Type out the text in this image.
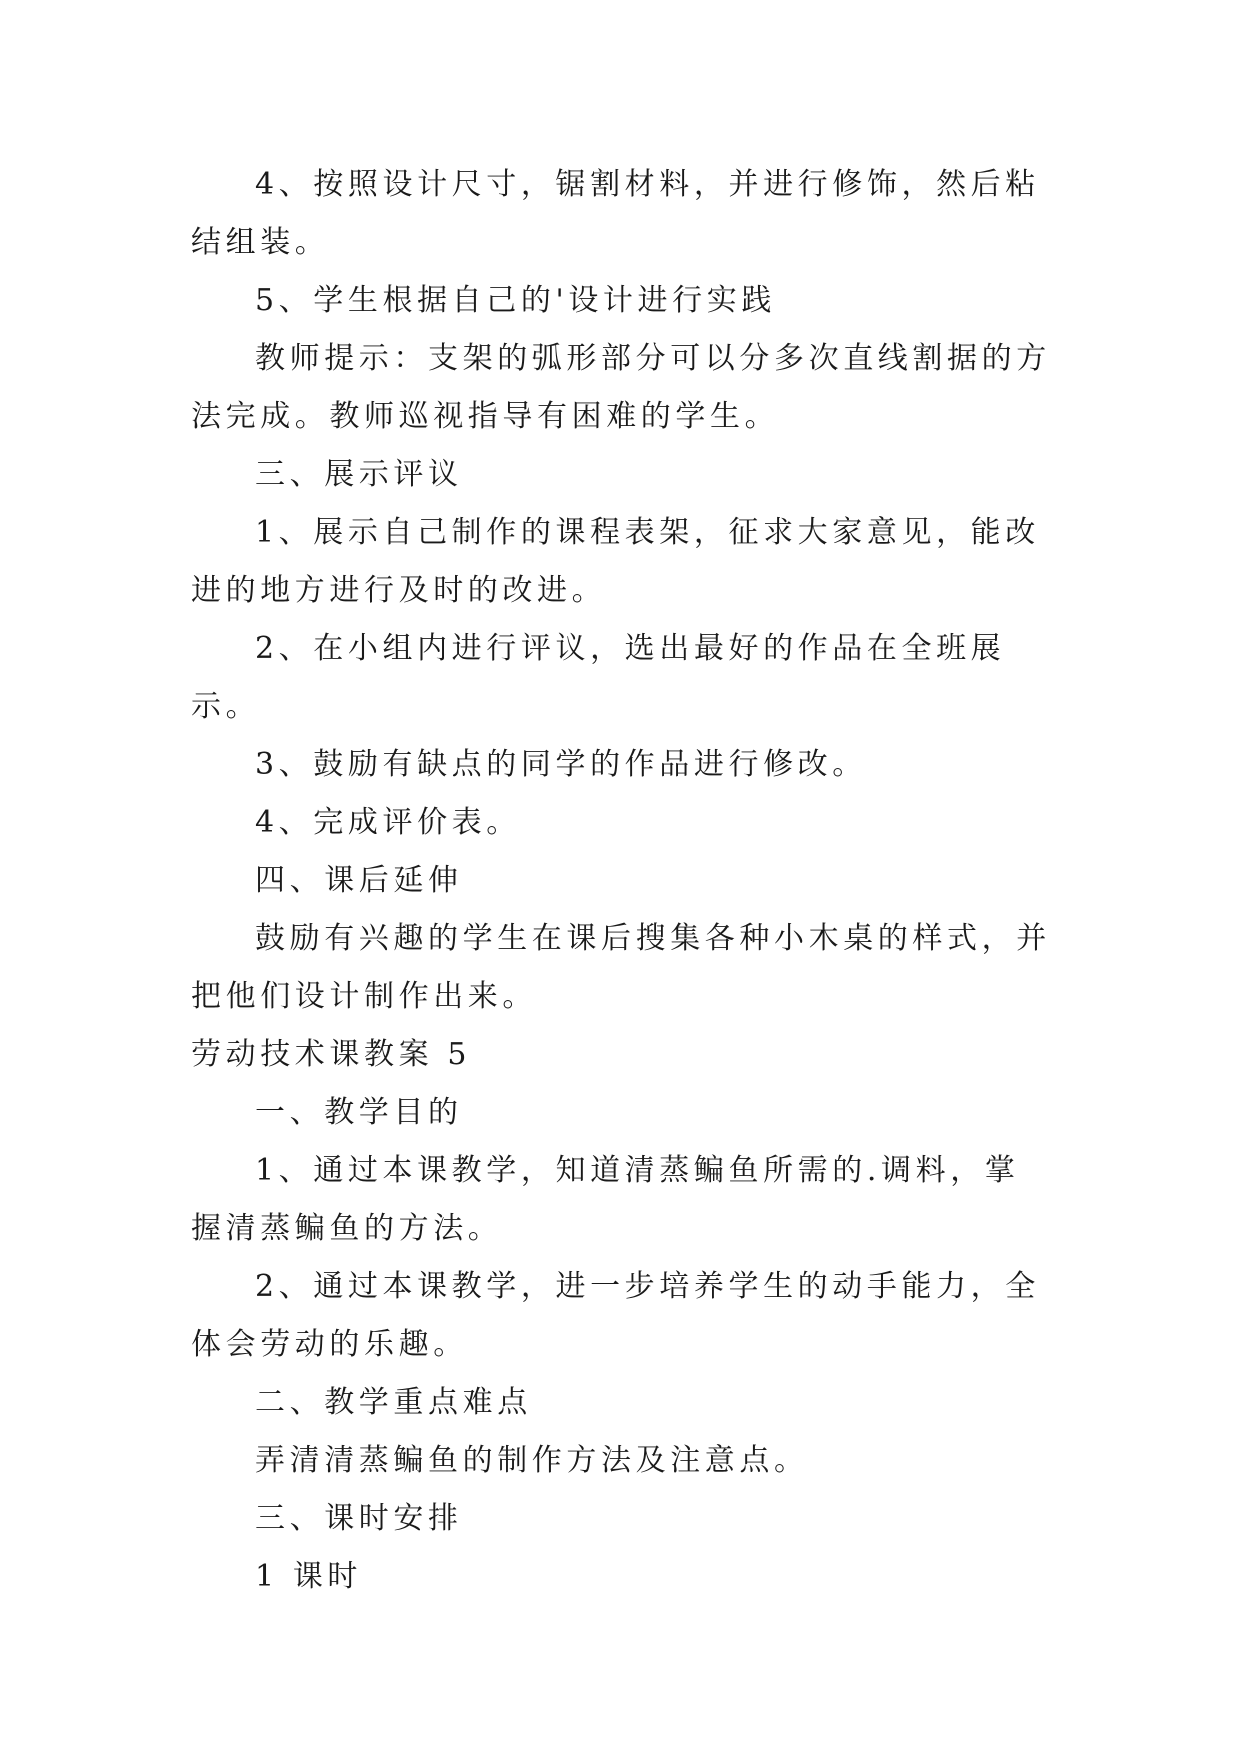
4、按照设计尺寸，锯割材料，并进行修饰，然后粘结组装。

5、学生根据自己的'设计进行实践

教师提示：支架的弧形部分可以分多次直线割据的方法完成。教师巡视指导有困难的学生。

三、展示评议

1、展示自己制作的课程表架，征求大家意见，能改进的地方进行及时的改进。

2、在小组内进行评议，选出最好的作品在全班展示。

3、鼓励有缺点的同学的作品进行修改。

4、完成评价表。

四、课后延伸

鼓励有兴趣的学生在课后搜集各种小木桌的样式，并把他们设计制作出来。

劳动技术课教案 5

一、教学目的

1、通过本课教学，知道清蒸鳊鱼所需的.调料，掌握清蒸鳊鱼的方法。

2、通过本课教学，进一步培养学生的动手能力，全体会劳动的乐趣。

二、教学重点难点

弄清清蒸鳊鱼的制作方法及注意点。

三、课时安排

1 课时
